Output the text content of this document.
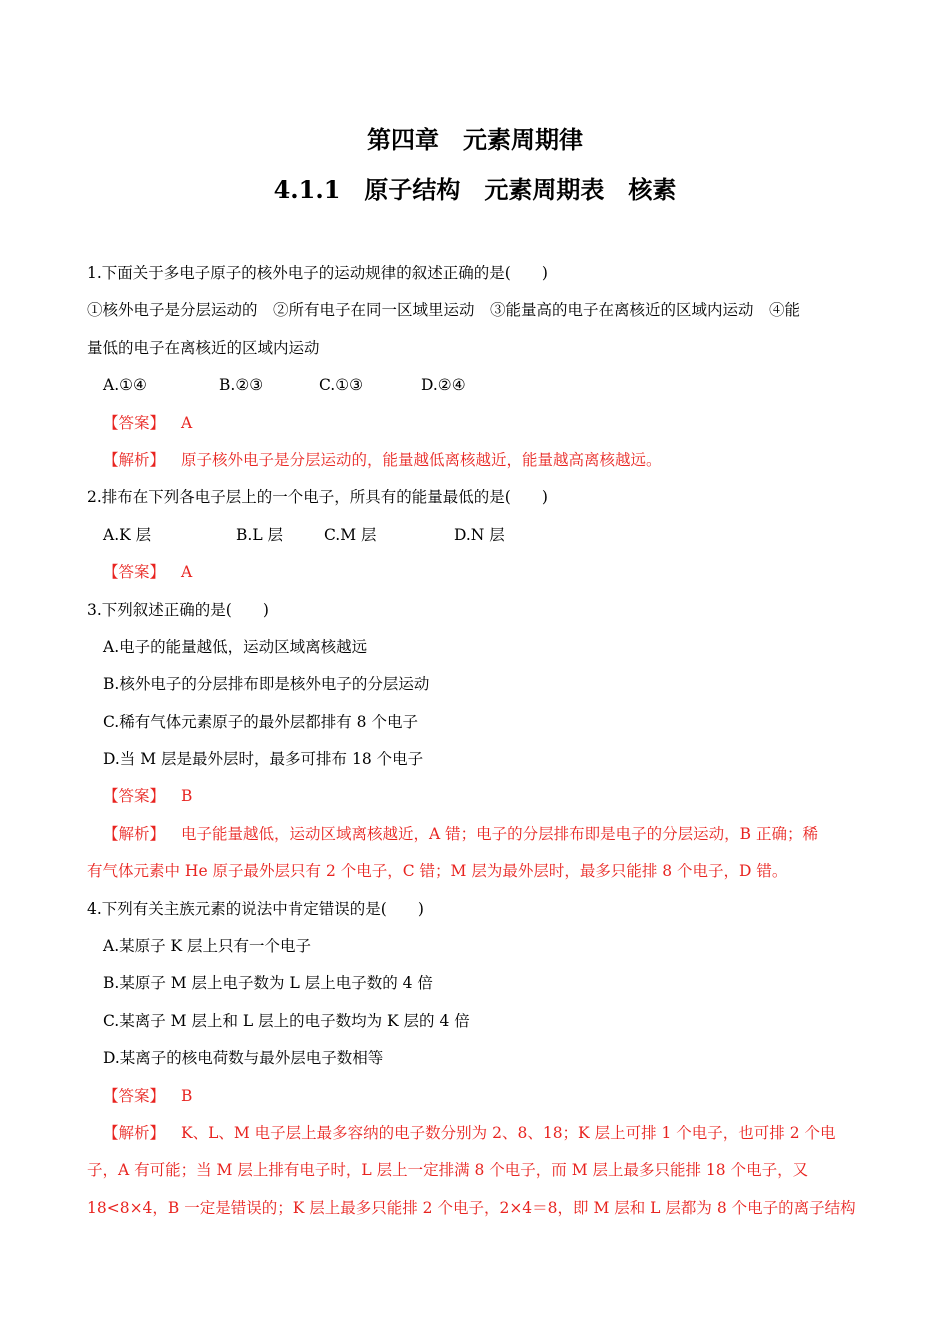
第四章　元素周期律
4.1.1　原子结构　元素周期表　核素
1.下面关于多电子原子的核外电子的运动规律的叙述正确的是(　　)
①核外电子是分层运动的　②所有电子在同一区域里运动　③能量高的电子在离核近的区域内运动　④能
量低的电子在离核近的区域内运动
A.①④	B.②③	C.①③	D.②④
【答案】 A
【解析】 原子核外电子是分层运动的，能量越低离核越近，能量越高离核越远。
2.排布在下列各电子层上的一个电子，所具有的能量最低的是(　　)
A.K 层	B.L 层	C.M 层	D.N 层
【答案】 A
3.下列叙述正确的是(　　)
A.电子的能量越低，运动区域离核越远
B.核外电子的分层排布即是核外电子的分层运动
C.稀有气体元素原子的最外层都排有 8 个电子
D.当 M 层是最外层时，最多可排布 18 个电子
【答案】 B
【解析】 电子能量越低，运动区域离核越近，A 错；电子的分层排布即是电子的分层运动，B 正确；稀
有气体元素中 He 原子最外层只有 2 个电子，C 错；M 层为最外层时，最多只能排 8 个电子，D 错。
4.下列有关主族元素的说法中肯定错误的是(　　)
A.某原子 K 层上只有一个电子
B.某原子 M 层上电子数为 L 层上电子数的 4 倍
C.某离子 M 层上和 L 层上的电子数均为 K 层的 4 倍
D.某离子的核电荷数与最外层电子数相等
【答案】 B
【解析】 K、L、M 电子层上最多容纳的电子数分别为 2、8、18；K 层上可排 1 个电子，也可排 2 个电
子，A 有可能；当 M 层上排有电子时，L 层上一定排满 8 个电子，而 M 层上最多只能排 18 个电子，又
18<8×4，B 一定是错误的；K 层上最多只能排 2 个电子，2×4＝8，即 M 层和 L 层都为 8 个电子的离子结构
